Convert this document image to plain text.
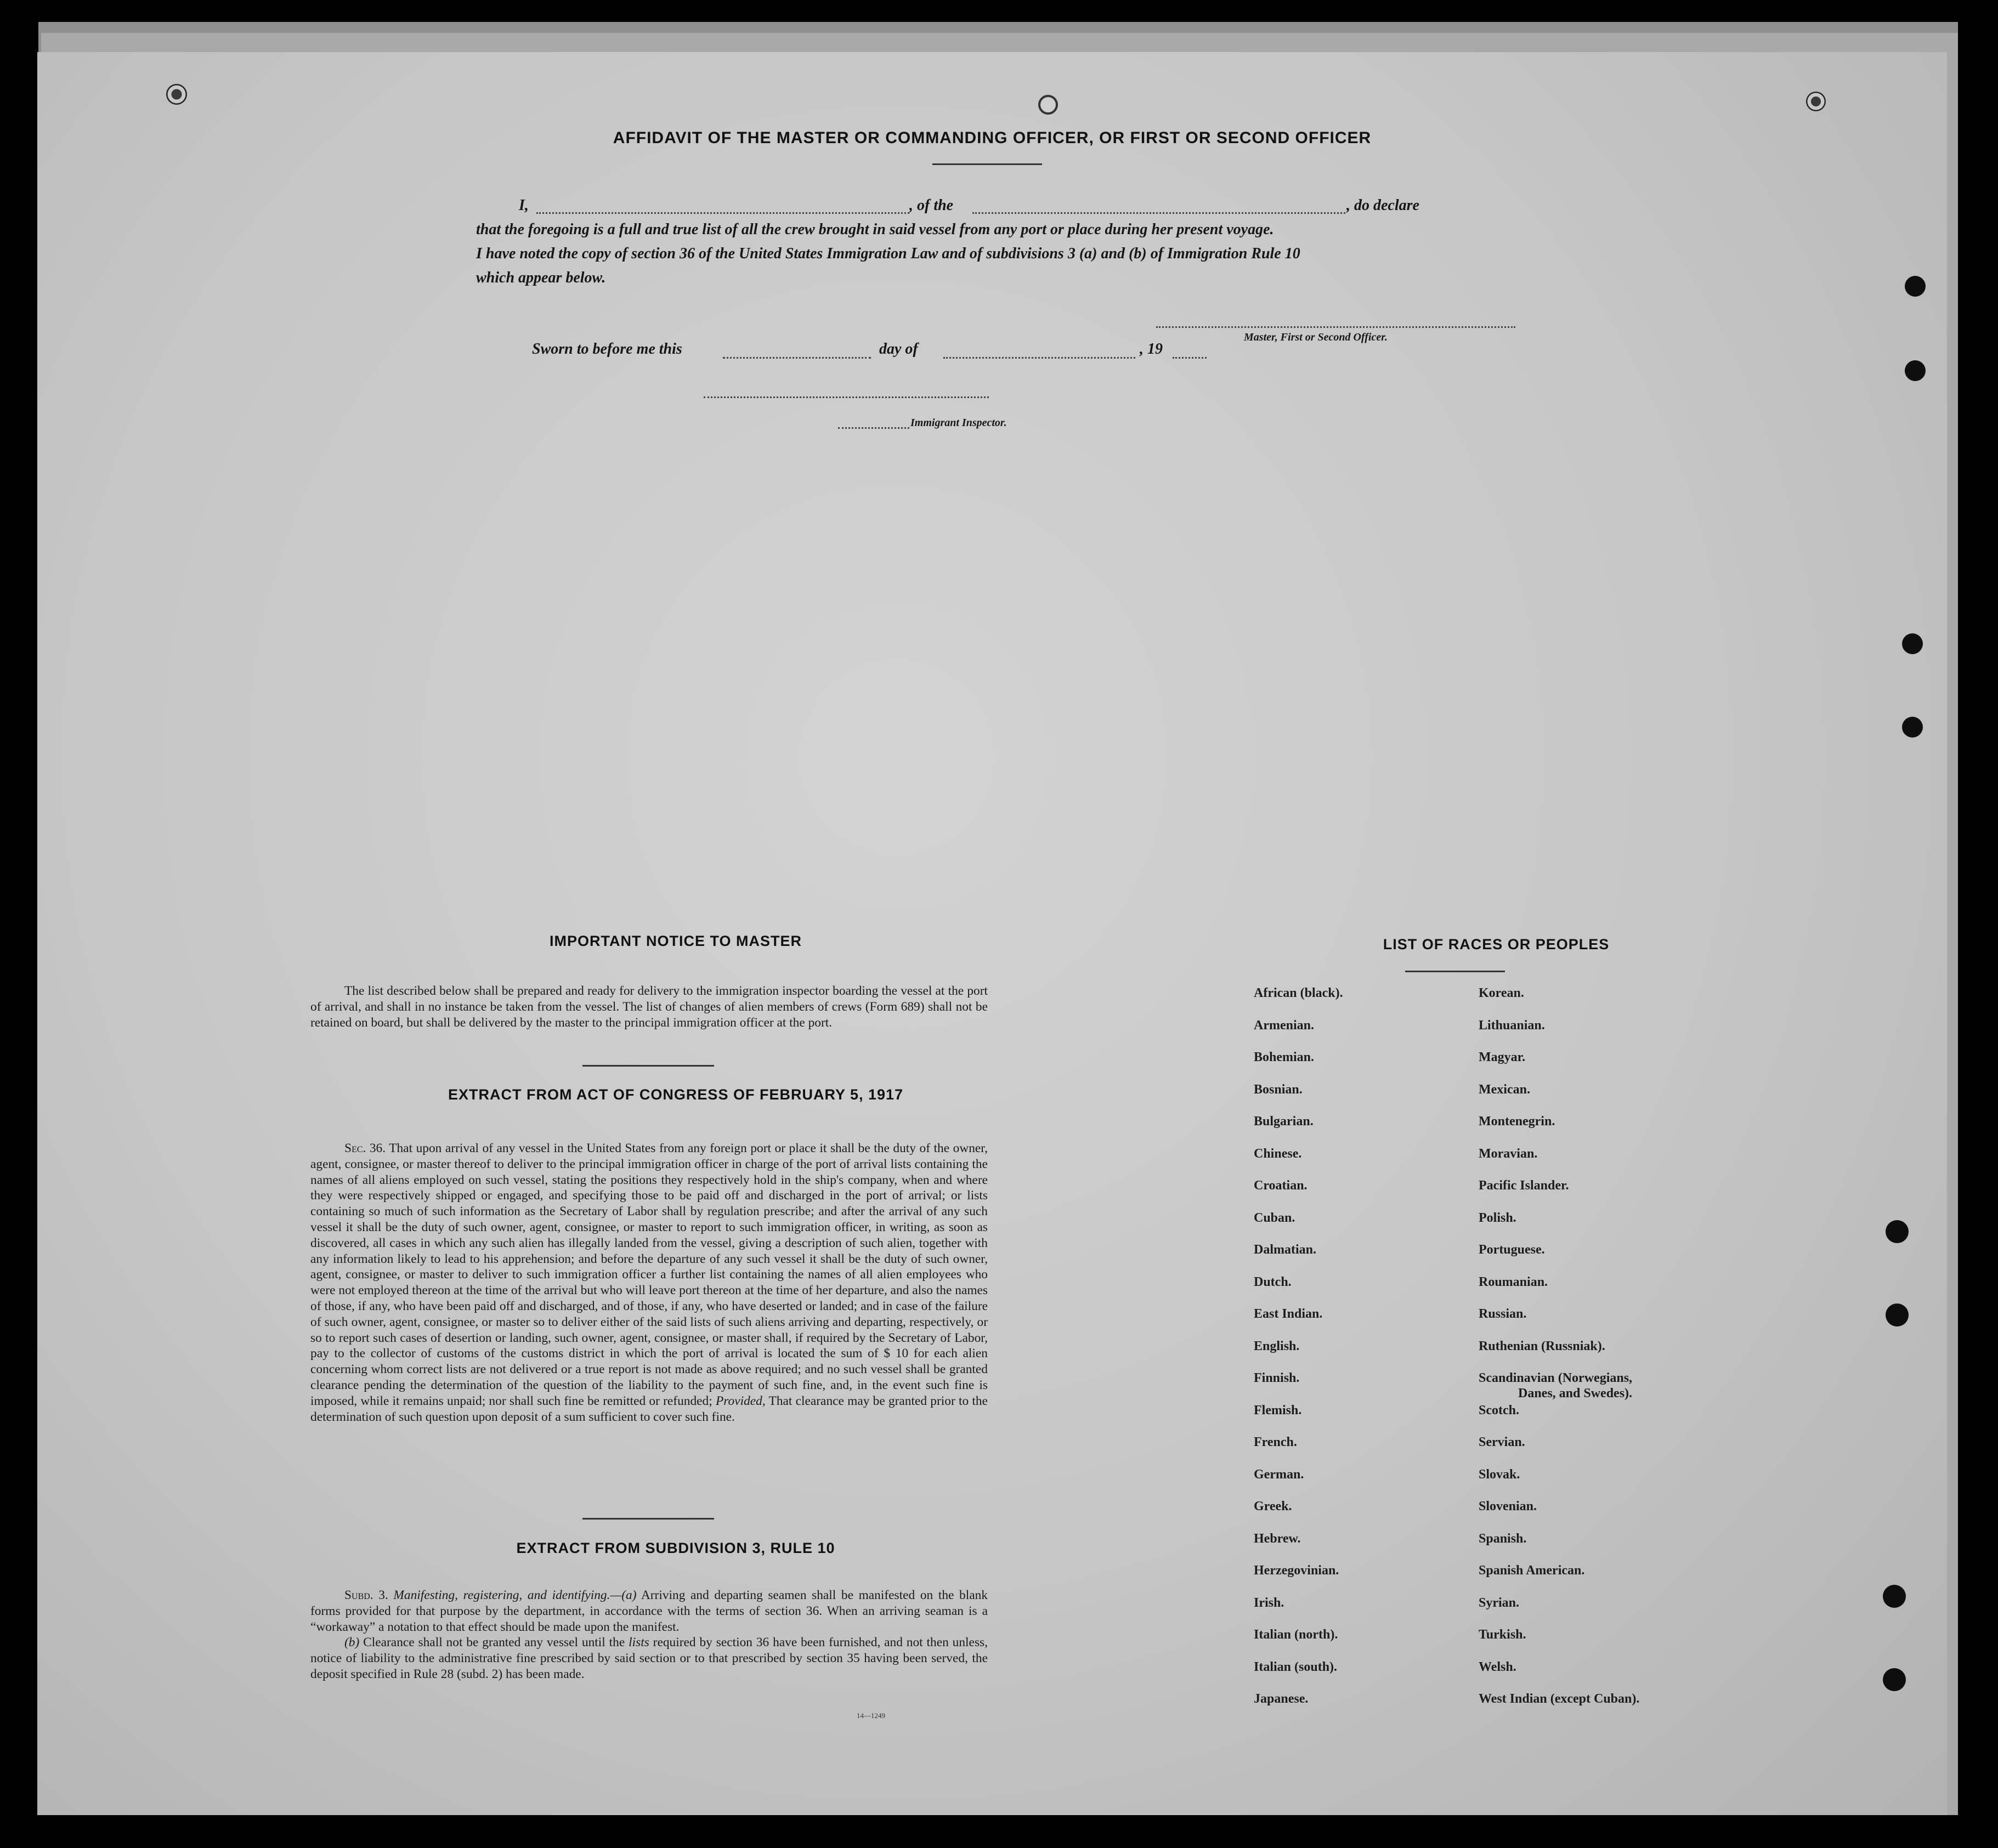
AFFIDAVIT OF THE MASTER OR COMMANDING OFFICER, OR FIRST OR SECOND OFFICER
I,	, of the	, do declare
that the foregoing is a full and true list of all the crew brought in said vessel from any port or place during her present voyage.
I have noted the copy of section 36 of the United States Immigration Law and of subdivisions 3 (a) and (b) of Immigration Rule 10
which appear below.
Master, First or Second Officer.
Sworn to before me this	day of	, 19
Immigrant Inspector.
IMPORTANT NOTICE TO MASTER

The list described below shall be prepared and ready for delivery to the immigration inspector boarding the vessel at the port of arrival, and shall in no instance be taken from the vessel. The list of changes of alien members of crews (Form 689) shall not be retained on board, but shall be delivered by the master to the principal immigration officer at the port.

EXTRACT FROM ACT OF CONGRESS OF FEBRUARY 5, 1917

Sec. 36. That upon arrival of any vessel in the United States from any foreign port or place it shall be the duty of the owner, agent, consignee, or master thereof to deliver to the principal immigration officer in charge of the port of arrival lists containing the names of all aliens employed on such vessel, stating the positions they respectively hold in the ship's company, when and where they were respectively shipped or engaged, and specifying those to be paid off and discharged in the port of arrival; or lists containing so much of such information as the Secretary of Labor shall by regulation prescribe; and after the arrival of any such vessel it shall be the duty of such owner, agent, consignee, or master to report to such immigration officer, in writing, as soon as discovered, all cases in which any such alien has illegally landed from the vessel, giving a description of such alien, together with any information likely to lead to his apprehension; and before the departure of any such vessel it shall be the duty of such owner, agent, consignee, or master to deliver to such immigration officer a further list containing the names of all alien employees who were not employed thereon at the time of the arrival but who will leave port thereon at the time of her departure, and also the names of those, if any, who have been paid off and discharged, and of those, if any, who have deserted or landed; and in case of the failure of such owner, agent, consignee, or master so to deliver either of the said lists of such aliens arriving and departing, respectively, or so to report such cases of desertion or landing, such owner, agent, consignee, or master shall, if required by the Secretary of Labor, pay to the collector of customs of the customs district in which the port of arrival is located the sum of $ 10 for each alien concerning whom correct lists are not delivered or a true report is not made as above required; and no such vessel shall be granted clearance pending the determination of the question of the liability to the payment of such fine, and, in the event such fine is imposed, while it remains unpaid; nor shall such fine be remitted or refunded; Provided, That clearance may be granted prior to the determination of such question upon deposit of a sum sufficient to cover such fine.

EXTRACT FROM SUBDIVISION 3, RULE 10

Subd. 3. Manifesting, registering, and identifying.—(a) Arriving and departing seamen shall be manifested on the blank forms provided for that purpose by the department, in accordance with the terms of section 36. When an arriving seaman is a “workaway” a notation to that effect should be made upon the manifest.

(b) Clearance shall not be granted any vessel until the lists required by section 36 have been furnished, and not then unless, notice of liability to the administrative fine prescribed by said section or to that prescribed by section 35 having been served, the deposit specified in Rule 28 (subd. 2) has been made.

14—1249
LIST OF RACES OR PEOPLES
African (black).
Armenian.
Bohemian.
Bosnian.
Bulgarian.
Chinese.
Croatian.
Cuban.
Dalmatian.
Dutch.
East Indian.
English.
Finnish.
Flemish.
French.
German.
Greek.
Hebrew.
Herzegovinian.
Irish.
Italian (north).
Italian (south).
Japanese.
Korean.
Lithuanian.
Magyar.
Mexican.
Montenegrin.
Moravian.
Pacific Islander.
Polish.
Portuguese.
Roumanian.
Russian.
Ruthenian (Russniak).
Scandinavian (Norwegians,
Danes, and Swedes).
Scotch.
Servian.
Slovak.
Slovenian.
Spanish.
Spanish American.
Syrian.
Turkish.
Welsh.
West Indian (except Cuban).
